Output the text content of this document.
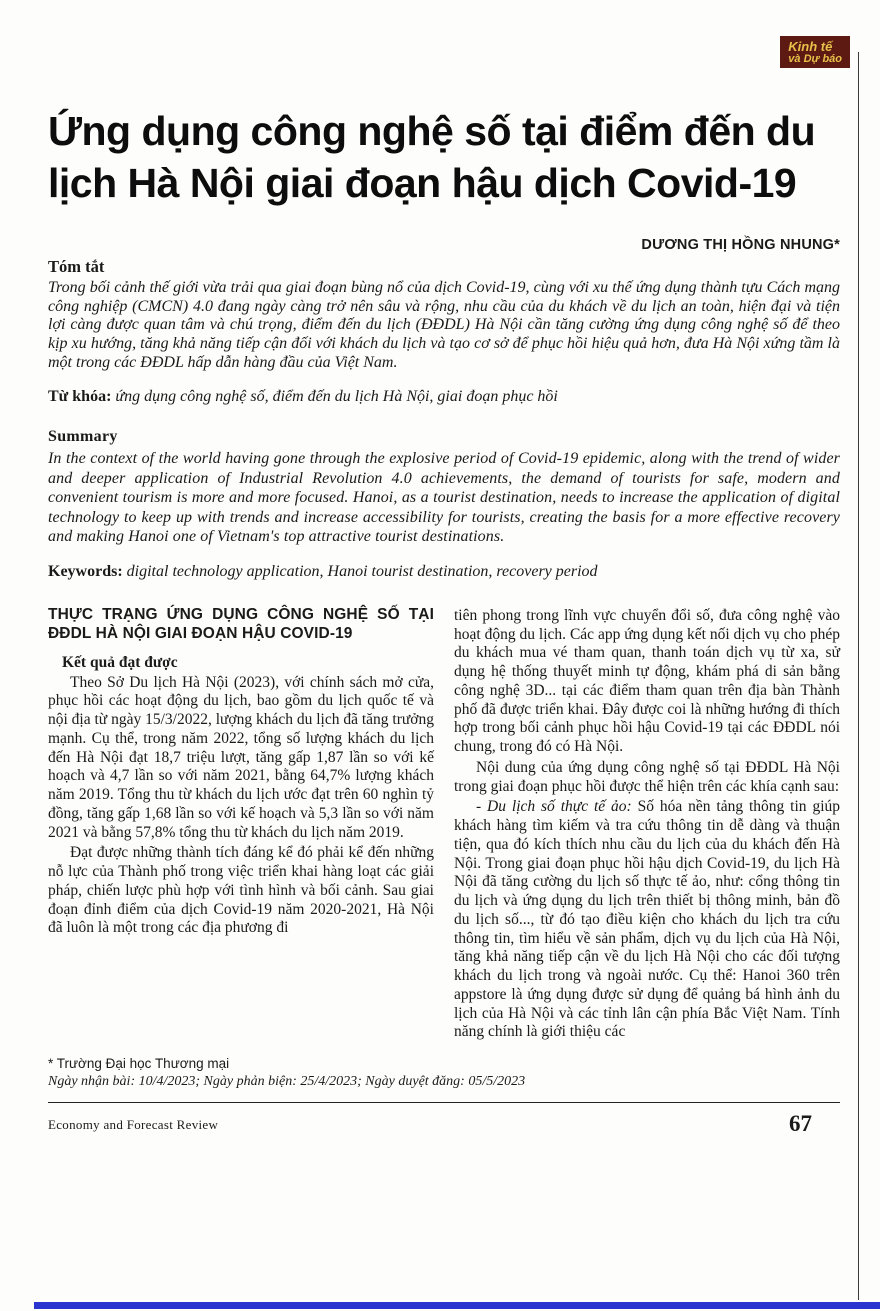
Kinh tế
và Dự báo
Ứng dụng công nghệ số tại điểm đến du lịch Hà Nội giai đoạn hậu dịch Covid-19
DƯƠNG THỊ HỒNG NHUNG*
Tóm tắt
Trong bối cảnh thế giới vừa trải qua giai đoạn bùng nổ của dịch Covid-19, cùng với xu thế ứng dụng thành tựu Cách mạng công nghiệp (CMCN) 4.0 đang ngày càng trở nên sâu và rộng, nhu cầu của du khách về du lịch an toàn, hiện đại và tiện lợi càng được quan tâm và chú trọng, điểm đến du lịch (ĐĐDL) Hà Nội cần tăng cường ứng dụng công nghệ số để theo kịp xu hướng, tăng khả năng tiếp cận đối với khách du lịch và tạo cơ sở để phục hồi hiệu quả hơn, đưa Hà Nội xứng tầm là một trong các ĐĐDL hấp dẫn hàng đầu của Việt Nam.
Từ khóa: ứng dụng công nghệ số, điểm đến du lịch Hà Nội, giai đoạn phục hồi
Summary
In the context of the world having gone through the explosive period of Covid-19 epidemic, along with the trend of wider and deeper application of Industrial Revolution 4.0 achievements, the demand of tourists for safe, modern and convenient tourism is more and more focused. Hanoi, as a tourist destination, needs to increase the application of digital technology to keep up with trends and increase accessibility for tourists, creating the basis for a more effective recovery and making Hanoi one of Vietnam's top attractive tourist destinations.
Keywords: digital technology application, Hanoi tourist destination, recovery period
THỰC TRẠNG ỨNG DỤNG CÔNG NGHỆ SỐ TẠI ĐĐDL HÀ NỘI GIAI ĐOẠN HẬU COVID-19
Kết quả đạt được

Theo Sở Du lịch Hà Nội (2023), với chính sách mở cửa, phục hồi các hoạt động du lịch, bao gồm du lịch quốc tế và nội địa từ ngày 15/3/2022, lượng khách du lịch đã tăng trưởng mạnh. Cụ thể, trong năm 2022, tổng số lượng khách du lịch đến Hà Nội đạt 18,7 triệu lượt, tăng gấp 1,87 lần so với kế hoạch và 4,7 lần so với năm 2021, bằng 64,7% lượng khách năm 2019. Tổng thu từ khách du lịch ước đạt trên 60 nghìn tỷ đồng, tăng gấp 1,68 lần so với kế hoạch và 5,3 lần so với năm 2021 và bằng 57,8% tổng thu từ khách du lịch năm 2019.

Đạt được những thành tích đáng kể đó phải kể đến những nỗ lực của Thành phố trong việc triển khai hàng loạt các giải pháp, chiến lược phù hợp với tình hình và bối cảnh. Sau giai đoạn đỉnh điểm của dịch Covid-19 năm 2020-2021, Hà Nội đã luôn là một trong các địa phương đi

tiên phong trong lĩnh vực chuyển đổi số, đưa công nghệ vào hoạt động du lịch. Các app ứng dụng kết nối dịch vụ cho phép du khách mua vé tham quan, thanh toán dịch vụ từ xa, sử dụng hệ thống thuyết minh tự động, khám phá di sản bằng công nghệ 3D... tại các điểm tham quan trên địa bàn Thành phố đã được triển khai. Đây được coi là những hướng đi thích hợp trong bối cảnh phục hồi hậu Covid-19 tại các ĐĐDL nói chung, trong đó có Hà Nội.

Nội dung của ứng dụng công nghệ số tại ĐĐDL Hà Nội trong giai đoạn phục hồi được thể hiện trên các khía cạnh sau:

- Du lịch số thực tế ảo: Số hóa nền tảng thông tin giúp khách hàng tìm kiếm và tra cứu thông tin dễ dàng và thuận tiện, qua đó kích thích nhu cầu du lịch của du khách đến Hà Nội. Trong giai đoạn phục hồi hậu dịch Covid-19, du lịch Hà Nội đã tăng cường du lịch số thực tế ảo, như: cổng thông tin du lịch và ứng dụng du lịch trên thiết bị thông minh, bản đồ du lịch số..., từ đó tạo điều kiện cho khách du lịch tra cứu thông tin, tìm hiểu về sản phẩm, dịch vụ du lịch của Hà Nội, tăng khả năng tiếp cận về du lịch Hà Nội cho các đối tượng khách du lịch trong và ngoài nước. Cụ thể: Hanoi 360 trên appstore là ứng dụng được sử dụng để quảng bá hình ảnh du lịch của Hà Nội và các tỉnh lân cận phía Bắc Việt Nam. Tính năng chính là giới thiệu các

* Trường Đại học Thương mại
Ngày nhận bài: 10/4/2023; Ngày phản biện: 25/4/2023; Ngày duyệt đăng: 05/5/2023
Economy and Forecast Review	67
